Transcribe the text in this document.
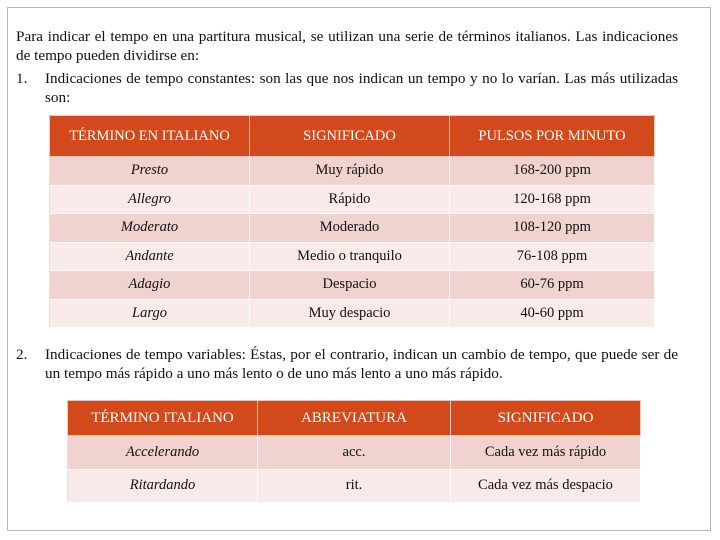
Para indicar el tempo en una partitura musical, se utilizan una serie de términos italianos. Las indicaciones de tempo pueden dividirse en:

1. Indicaciones de tempo constantes: son las que nos indican un tempo y no lo varían. Las más utilizadas son:
TÉRMINO EN ITALIANO	SIGNIFICADO	PULSOS POR MINUTO
Presto	Muy rápido	168-200 ppm
Allegro	Rápido	120-168 ppm
Moderato	Moderado	108-120 ppm
Andante	Medio o tranquilo	76-108 ppm
Adagio	Despacio	60-76 ppm
Largo	Muy despacio	40-60 ppm
2. Indicaciones de tempo variables: Éstas, por el contrario, indican un cambio de tempo, que puede ser de un tempo más rápido a uno más lento o de uno más lento a uno más rápido.
TÉRMINO ITALIANO	ABREVIATURA	SIGNIFICADO
Accelerando	acc.	Cada vez más rápido
Ritardando	rit.	Cada vez más despacio
